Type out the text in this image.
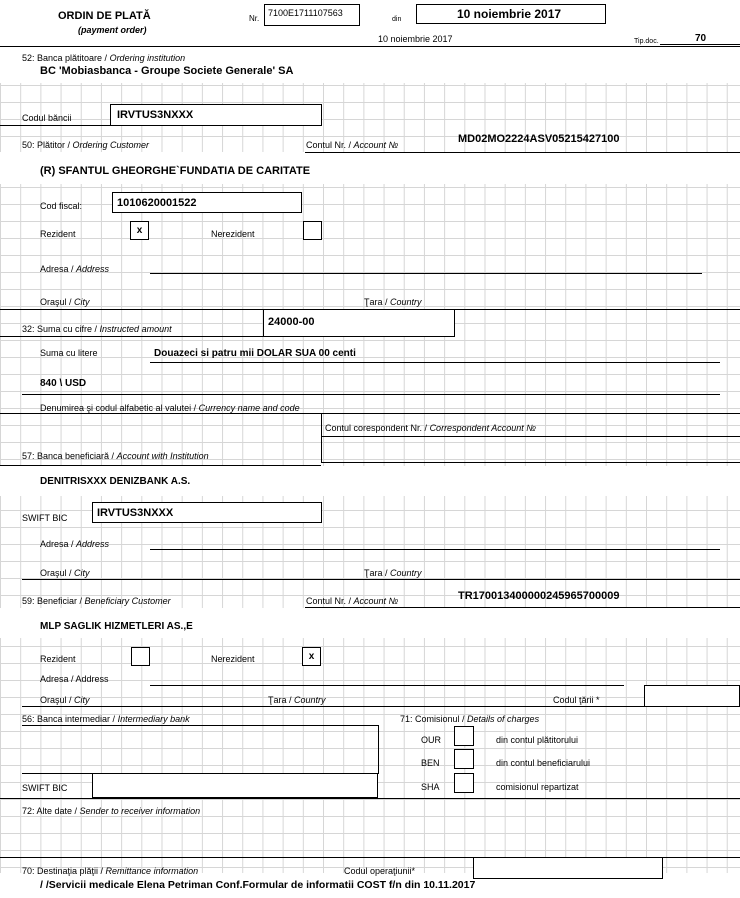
ORDIN DE PLATĂ
(payment order)
Nr.
7100E1711107563
din	10 noiembrie 2017
10 noiembrie 2017	Tip.doc.	70
52: Banca plătitoare / Ordering institution
BC 'Mobiasbanca - Groupe Societe Generale' SA
Codul băncii	IRVTUS3NXXX
50: Plătitor / Ordering Customer	Contul Nr. / Account №	MD02MO2224ASV05215427100
(R) SFANTUL GHEORGHE`FUNDATIA DE CARITATE
Cod fiscal:	1010620001522
Rezident	x	Nerezident
Adresa / Address
Oraşul / City	Ţara / Country
32: Suma cu cifre / Instructed amount
24000-00
Suma cu litere	Douazeci si patru mii DOLAR SUA 00 centi
840 \ USD
Denumirea şi codul alfabetic al valutei / Currency name and code
Contul corespondent Nr. / Correspondent Account №
57: Banca beneficiară / Account with Institution
DENITRISXXX DENIZBANK A.S.
SWIFT BIC	IRVTUS3NXXX
Adresa / Address
Oraşul / City	Ţara / Country
59: Beneficiar / Beneficiary Customer	Contul Nr. / Account №	TR170013400000245965700009
MLP SAGLIK HIZMETLERI AS.,E
Rezident	Nerezident	x
Adresa / Address
Oraşul / City	Ţara / Country	Codul ţării *
56: Banca intermediar / Intermediary bank
SWIFT BIC
71: Comisionul / Details of charges
OUR	din contul plătitorului
BEN	din contul beneficiarului
SHA	comisionul repartizat
72: Alte date / Sender to receiver information
70: Destinaţia plăţii / Remittance information	Codul operaţiunii*
/ /Servicii medicale Elena Petriman Conf.Formular de informatii COST f/n din 10.11.2017
